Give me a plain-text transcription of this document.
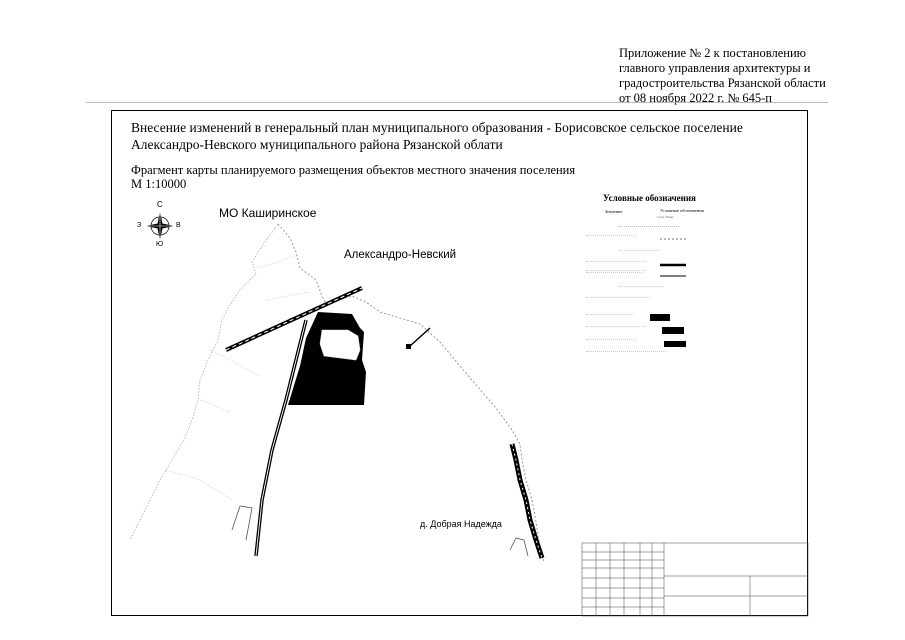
Приложение № 2 к постановлению
главного управления архитектуры и
градостроительства Рязанской области
от 08 ноября 2022 г. № 645-п
Внесение изменений в генеральный план муниципального образования - Борисовское сельское поселение
Александро-Невского муниципального района Рязанской облати
Фрагмент карты планируемого размещения объектов местного значения поселения
М 1:10000
С
Ю
З	В
МО Каширинское
Александро-Невский
д. Добрая Надежда
Условные обозначения
Значение	Условные обозначения
Сущ. План.
